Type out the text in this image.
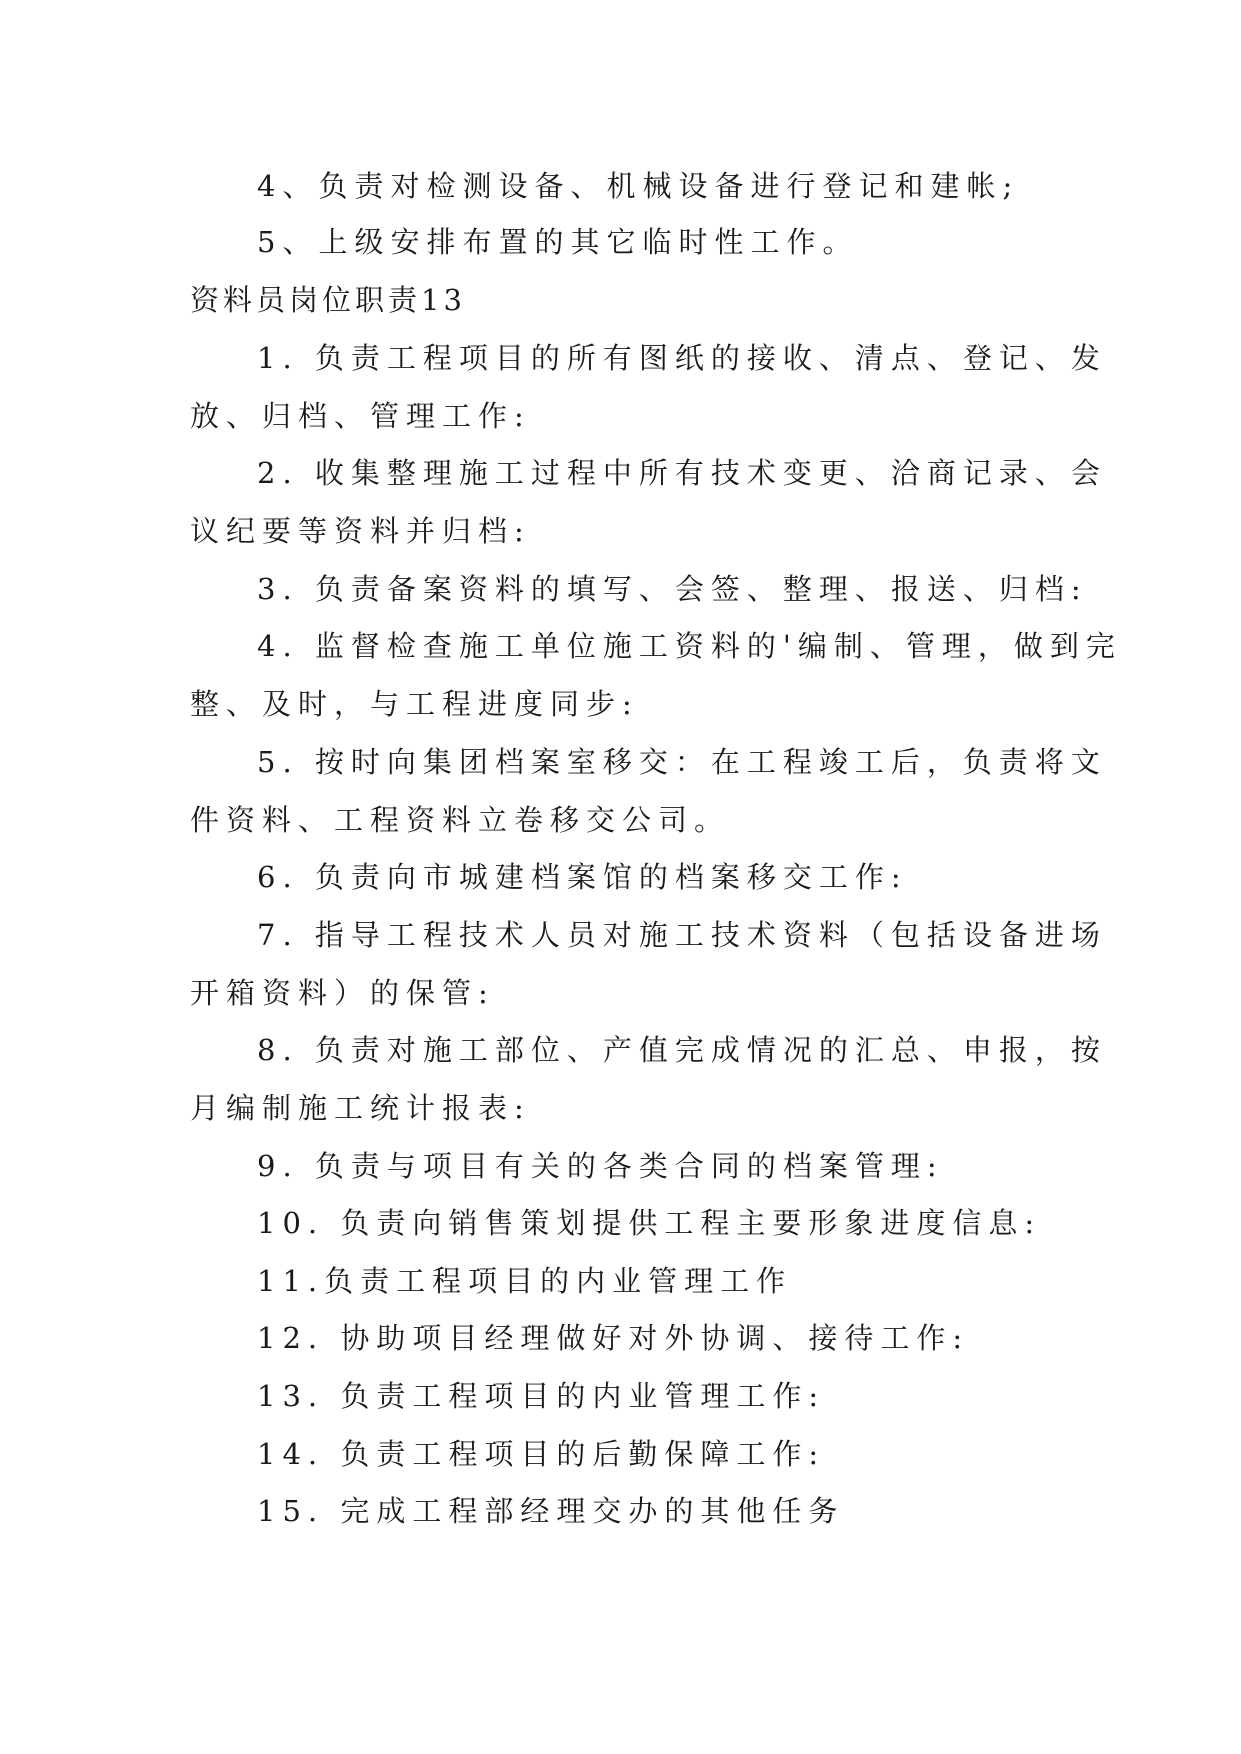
4、负责对检测设备、机械设备进行登记和建帐;
5、上级安排布置的其它临时性工作。
资料员岗位职责13
1. 负责工程项目的所有图纸的接收、清点、登记、发
放、归档、管理工作:
2. 收集整理施工过程中所有技术变更、洽商记录、会
议纪要等资料并归档:
3. 负责备案资料的填写、会签、整理、报送、归档:
4. 监督检查施工单位施工资料的'编制、管理，做到完
整、及时，与工程进度同步:
5. 按时向集团档案室移交：在工程竣工后，负责将文
件资料、工程资料立卷移交公司。
6. 负责向市城建档案馆的档案移交工作:
7. 指导工程技术人员对施工技术资料（包括设备进场
开箱资料）的保管:
8. 负责对施工部位、产值完成情况的汇总、申报，按
月编制施工统计报表:
9. 负责与项目有关的各类合同的档案管理:
10. 负责向销售策划提供工程主要形象进度信息:
11.负责工程项目的内业管理工作
12. 协助项目经理做好对外协调、接待工作:
13. 负责工程项目的内业管理工作:
14. 负责工程项目的后勤保障工作:
15. 完成工程部经理交办的其他任务
